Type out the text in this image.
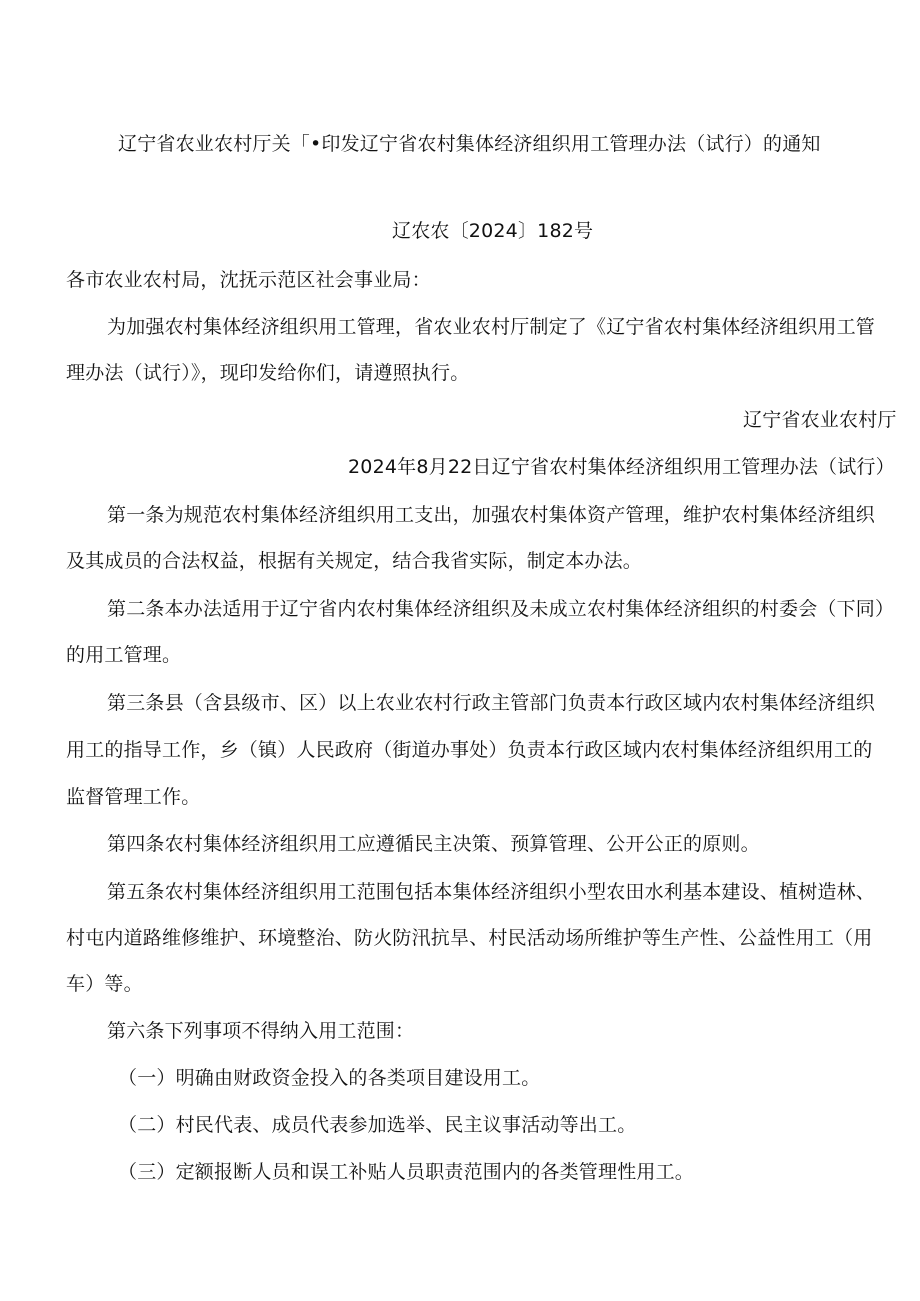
辽宁省农业农村厅关「•印发辽宁省农村集体经济组织用工管理办法（试行）的通知
辽农农〔2024〕182号
各市农业农村局，沈抚示范区社会事业局：
为加强农村集体经济组织用工管理，省农业农村厅制定了《辽宁省农村集体经济组织用工管
理办法（试行）》，现印发给你们，请遵照执行。
辽宁省农业农村厅
2024年8月22日辽宁省农村集体经济组织用工管理办法（试行）
第一条为规范农村集体经济组织用工支出，加强农村集体资产管理，维护农村集体经济组织
及其成员的合法权益，根据有关规定，结合我省实际，制定本办法。
第二条本办法适用于辽宁省内农村集体经济组织及未成立农村集体经济组织的村委会（下同）
的用工管理。
第三条县（含县级市、区）以上农业农村行政主管部门负责本行政区域内农村集体经济组织
用工的指导工作，乡（镇）人民政府（街道办事处）负责本行政区域内农村集体经济组织用工的
监督管理工作。
第四条农村集体经济组织用工应遵循民主决策、预算管理、公开公正的原则。
第五条农村集体经济组织用工范围包括本集体经济组织小型农田水利基本建设、植树造林、
村屯内道路维修维护、环境整治、防火防汛抗旱、村民活动场所维护等生产性、公益性用工（用
车）等。
第六条下列事项不得纳入用工范围：
（一）明确由财政资金投入的各类项目建设用工。
（二）村民代表、成员代表参加选举、民主议事活动等出工。
（三）定额报断人员和误工补贴人员职责范围内的各类管理性用工。
